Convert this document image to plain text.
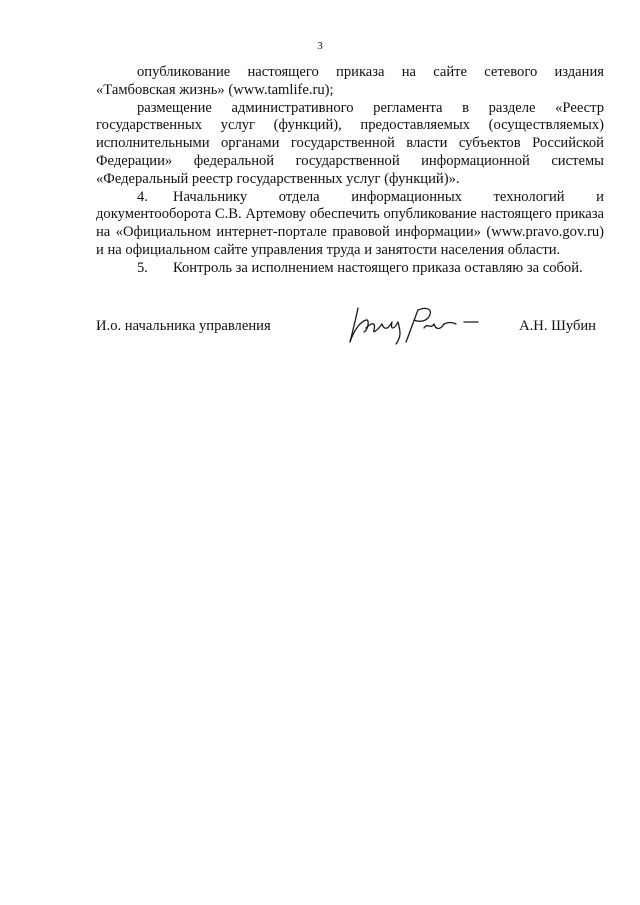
3

опубликование настоящего приказа на сайте сетевого издания «Тамбовская жизнь» (www.tamlife.ru);

размещение административного регламента в разделе «Реестр государственных услуг (функций), предоставляемых (осуществляемых) исполнительными органами государственной власти субъектов Российской Федерации» федеральной государственной информационной системы «Федеральный реестр государственных услуг (функций)».

4. Начальнику отдела информационных технологий и документооборота С.В. Артемову обеспечить опубликование настоящего приказа на «Официальном интернет-портале правовой информации» (www.pravo.gov.ru) и на официальном сайте управления труда и занятости населения области.

5. Контроль за исполнением настоящего приказа оставляю за собой.

И.о. начальника управления	А.Н. Шубин
